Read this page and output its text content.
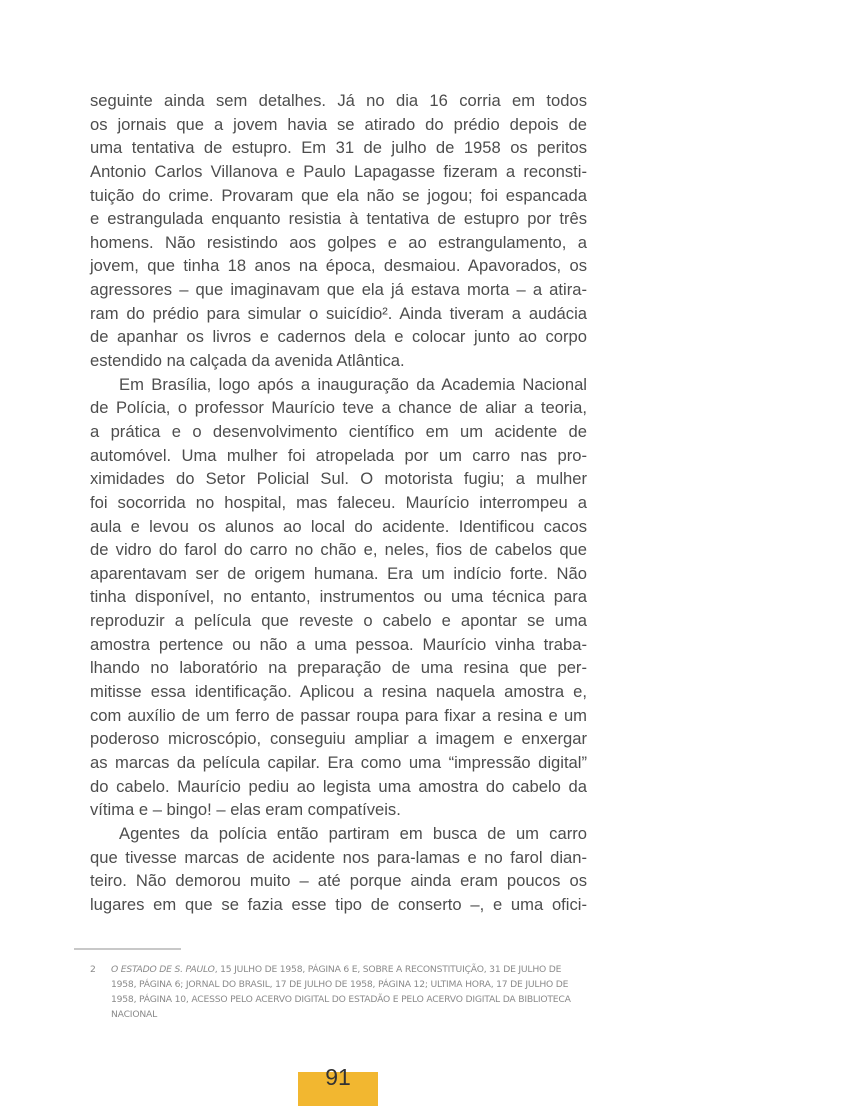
seguinte ainda sem detalhes. Já no dia 16 corria em todos
os jornais que a jovem havia se atirado do prédio depois de
uma tentativa de estupro. Em 31 de julho de 1958 os peritos
Antonio Carlos Villanova e Paulo Lapagasse fizeram a reconsti-
tuição do crime. Provaram que ela não se jogou; foi espancada
e estrangulada enquanto resistia à tentativa de estupro por três
homens. Não resistindo aos golpes e ao estrangulamento, a
jovem, que tinha 18 anos na época, desmaiou. Apavorados, os
agressores – que imaginavam que ela já estava morta – a atira-
ram do prédio para simular o suicídio². Ainda tiveram a audácia
de apanhar os livros e cadernos dela e colocar junto ao corpo
estendido na calçada da avenida Atlântica.
Em Brasília, logo após a inauguração da Academia Nacional
de Polícia, o professor Maurício teve a chance de aliar a teoria,
a prática e o desenvolvimento científico em um acidente de
automóvel. Uma mulher foi atropelada por um carro nas pro-
ximidades do Setor Policial Sul. O motorista fugiu; a mulher
foi socorrida no hospital, mas faleceu. Maurício interrompeu a
aula e levou os alunos ao local do acidente. Identificou cacos
de vidro do farol do carro no chão e, neles, fios de cabelos que
aparentavam ser de origem humana. Era um indício forte. Não
tinha disponível, no entanto, instrumentos ou uma técnica para
reproduzir a película que reveste o cabelo e apontar se uma
amostra pertence ou não a uma pessoa. Maurício vinha traba-
lhando no laboratório na preparação de uma resina que per-
mitisse essa identificação. Aplicou a resina naquela amostra e,
com auxílio de um ferro de passar roupa para fixar a resina e um
poderoso microscópio, conseguiu ampliar a imagem e enxergar
as marcas da película capilar. Era como uma “impressão digital”
do cabelo. Maurício pediu ao legista uma amostra do cabelo da
vítima e – bingo! – elas eram compatíveis.
Agentes da polícia então partiram em busca de um carro
que tivesse marcas de acidente nos para-lamas e no farol dian-
teiro. Não demorou muito – até porque ainda eram poucos os
lugares em que se fazia esse tipo de conserto –, e uma ofici-
2 O ESTADO DE S. PAULO, 15 JULHO DE 1958, PÁGINA 6 E, SOBRE A RECONSTITUIÇÃO, 31 DE JULHO DE
1958, PÁGINA 6; JORNAL DO BRASIL, 17 DE JULHO DE 1958, PÁGINA 12; ULTIMA HORA, 17 DE JULHO DE
1958, PÁGINA 10, ACESSO PELO ACERVO DIGITAL DO ESTADÃO E PELO ACERVO DIGITAL DA BIBLIOTECA
NACIONAL
91
